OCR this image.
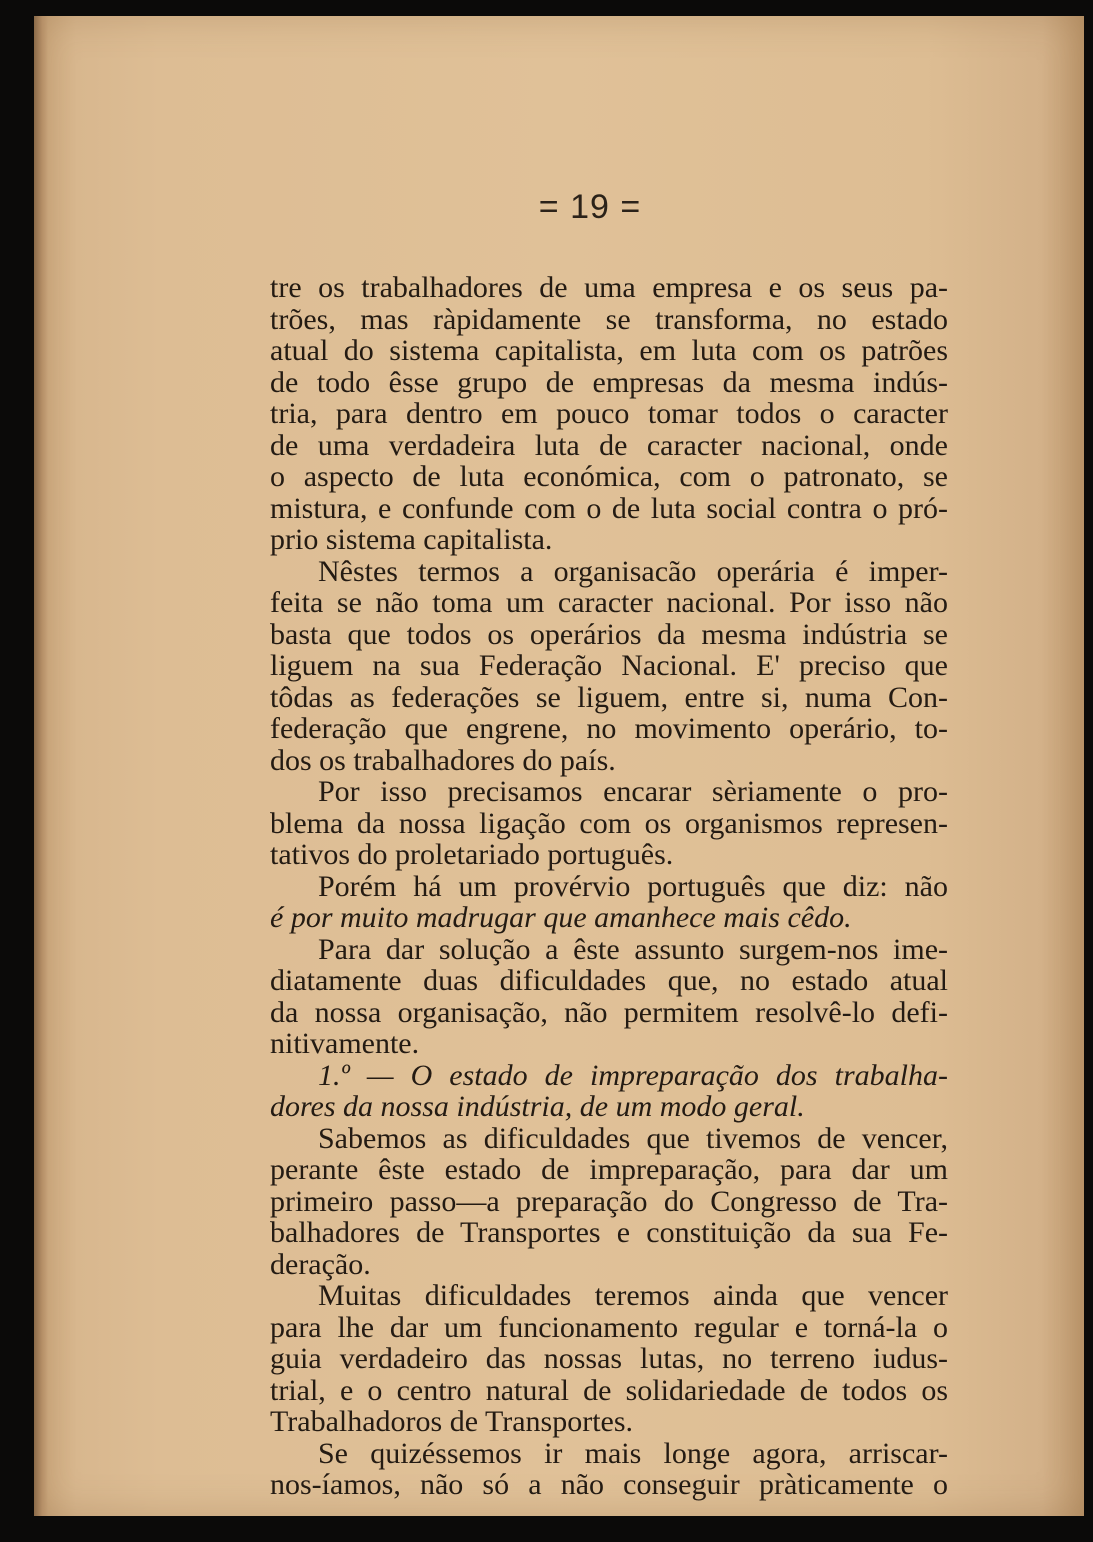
= 19 =
tre os trabalhadores de uma empresa e os seus pa-
trões, mas ràpidamente se transforma, no estado
atual do sistema capitalista, em luta com os patrões
de todo êsse grupo de empresas da mesma indús-
tria, para dentro em pouco tomar todos o caracter
de uma verdadeira luta de caracter nacional, onde
o aspecto de luta económica, com o patronato, se
mistura, e confunde com o de luta social contra o pró-
prio sistema capitalista.
Nêstes termos a organisacão operária é imper-
feita se não toma um caracter nacional. Por isso não
basta que todos os operários da mesma indústria se
liguem na sua Federação Nacional. E' preciso que
tôdas as federações se liguem, entre si, numa Con-
federação que engrene, no movimento operário, to-
dos os trabalhadores do país.
Por isso precisamos encarar sèriamente o pro-
blema da nossa ligação com os organismos represen-
tativos do proletariado português.
Porém há um provérvio português que diz: não
é por muito madrugar que amanhece mais cêdo.
Para dar solução a êste assunto surgem-nos ime-
diatamente duas dificuldades que, no estado atual
da nossa organisação, não permitem resolvê-lo defi-
nitivamente.
1.º — O estado de impreparação dos trabalha-
dores da nossa indústria, de um modo geral.
Sabemos as dificuldades que tivemos de vencer,
perante êste estado de impreparação, para dar um
primeiro passo—a preparação do Congresso de Tra-
balhadores de Transportes e constituição da sua Fe-
deração.
Muitas dificuldades teremos ainda que vencer
para lhe dar um funcionamento regular e torná-la o
guia verdadeiro das nossas lutas, no terreno iudus-
trial, e o centro natural de solidariedade de todos os
Trabalhadoros de Transportes.
Se quizéssemos ir mais longe agora, arriscar-
nos-íamos, não só a não conseguir pràticamente o
